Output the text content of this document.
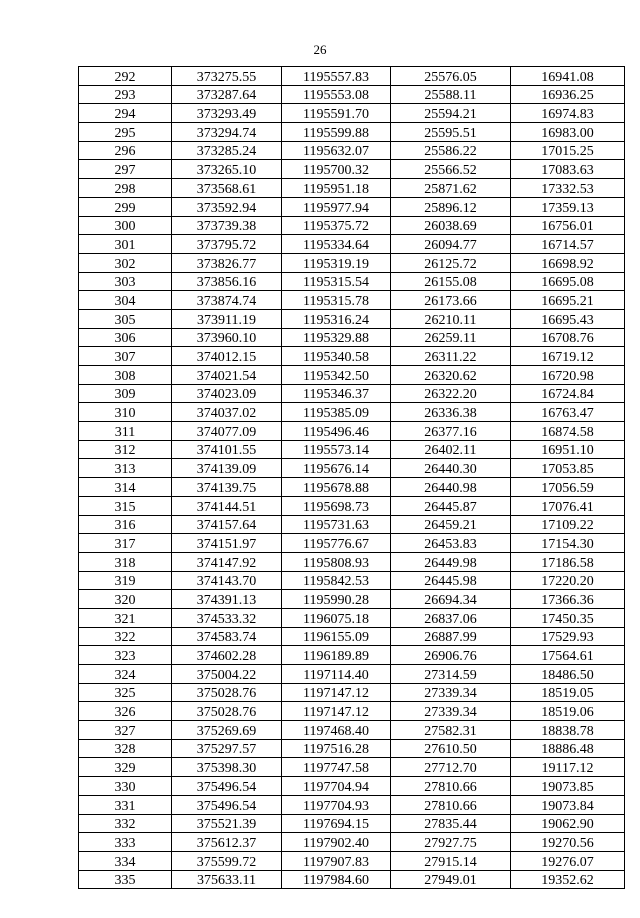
26
292	373275.55	1195557.83	25576.05	16941.08
293	373287.64	1195553.08	25588.11	16936.25
294	373293.49	1195591.70	25594.21	16974.83
295	373294.74	1195599.88	25595.51	16983.00
296	373285.24	1195632.07	25586.22	17015.25
297	373265.10	1195700.32	25566.52	17083.63
298	373568.61	1195951.18	25871.62	17332.53
299	373592.94	1195977.94	25896.12	17359.13
300	373739.38	1195375.72	26038.69	16756.01
301	373795.72	1195334.64	26094.77	16714.57
302	373826.77	1195319.19	26125.72	16698.92
303	373856.16	1195315.54	26155.08	16695.08
304	373874.74	1195315.78	26173.66	16695.21
305	373911.19	1195316.24	26210.11	16695.43
306	373960.10	1195329.88	26259.11	16708.76
307	374012.15	1195340.58	26311.22	16719.12
308	374021.54	1195342.50	26320.62	16720.98
309	374023.09	1195346.37	26322.20	16724.84
310	374037.02	1195385.09	26336.38	16763.47
311	374077.09	1195496.46	26377.16	16874.58
312	374101.55	1195573.14	26402.11	16951.10
313	374139.09	1195676.14	26440.30	17053.85
314	374139.75	1195678.88	26440.98	17056.59
315	374144.51	1195698.73	26445.87	17076.41
316	374157.64	1195731.63	26459.21	17109.22
317	374151.97	1195776.67	26453.83	17154.30
318	374147.92	1195808.93	26449.98	17186.58
319	374143.70	1195842.53	26445.98	17220.20
320	374391.13	1195990.28	26694.34	17366.36
321	374533.32	1196075.18	26837.06	17450.35
322	374583.74	1196155.09	26887.99	17529.93
323	374602.28	1196189.89	26906.76	17564.61
324	375004.22	1197114.40	27314.59	18486.50
325	375028.76	1197147.12	27339.34	18519.05
326	375028.76	1197147.12	27339.34	18519.06
327	375269.69	1197468.40	27582.31	18838.78
328	375297.57	1197516.28	27610.50	18886.48
329	375398.30	1197747.58	27712.70	19117.12
330	375496.54	1197704.94	27810.66	19073.85
331	375496.54	1197704.93	27810.66	19073.84
332	375521.39	1197694.15	27835.44	19062.90
333	375612.37	1197902.40	27927.75	19270.56
334	375599.72	1197907.83	27915.14	19276.07
335	375633.11	1197984.60	27949.01	19352.62
